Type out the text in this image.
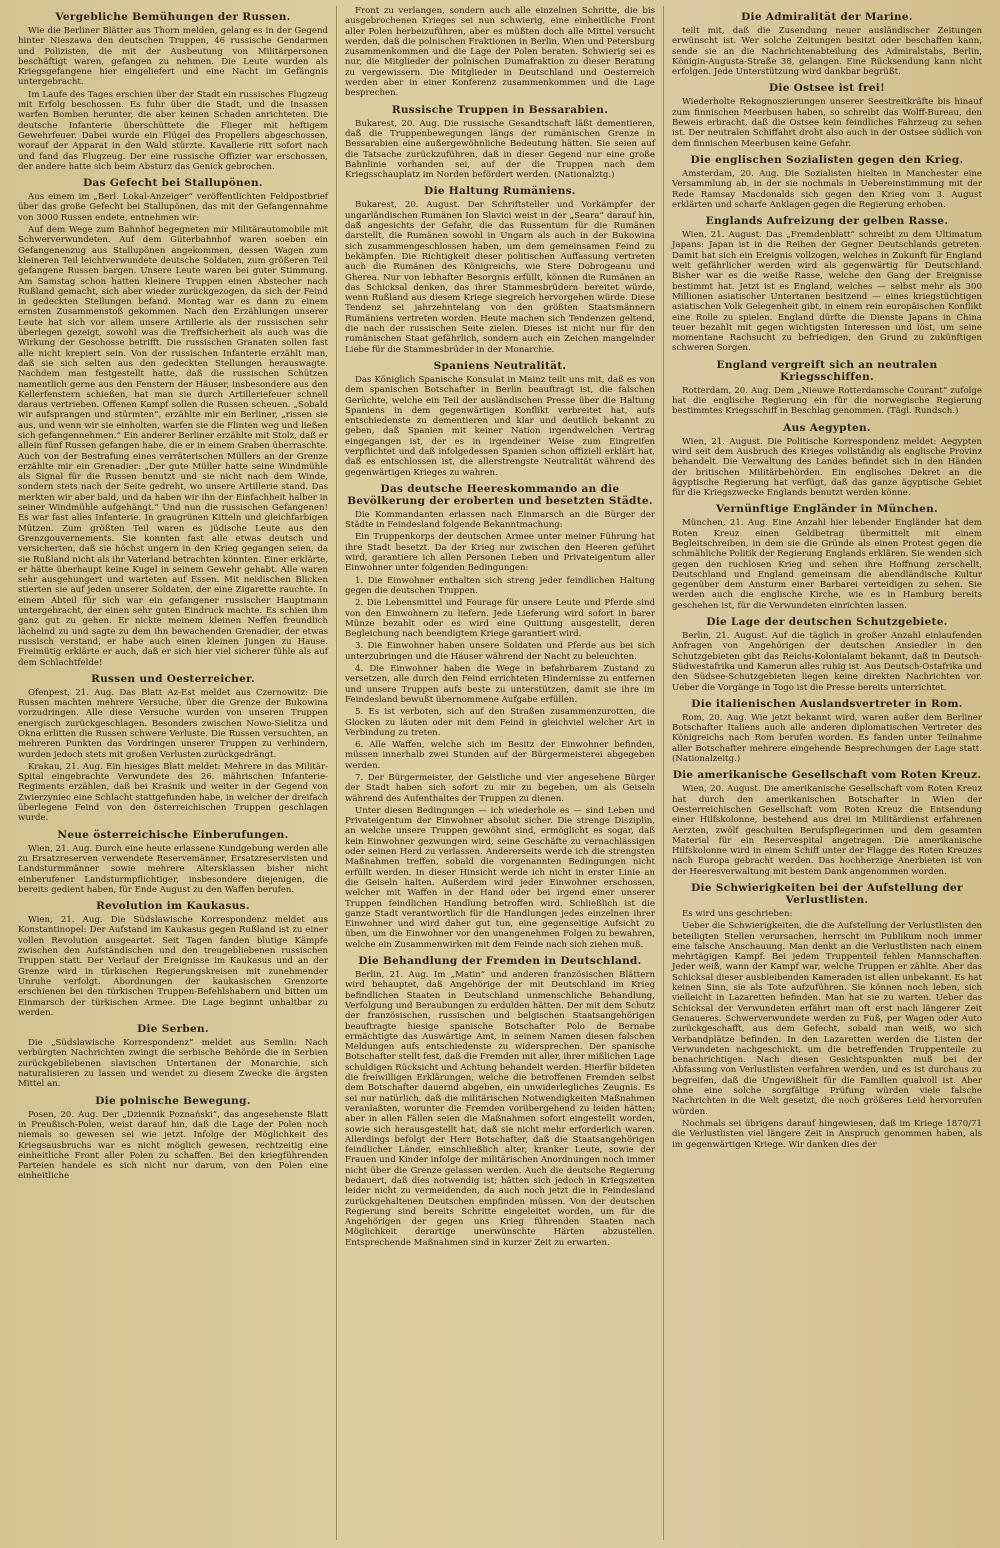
Vergebliche Bemühungen der Russen.

Wie die Berliner Blätter aus Thorn melden, gelang es in der Gegend hinter Nieszawa den deutschen Truppen, 46 russische Gendarmen und Polizisten, die mit der Ausbeutung von Militärpersonen beschäftigt waren, gefangen zu nehmen. Die Leute wurden als Kriegsgefangene hier eingeliefert und eine Nacht im Gefängnis untergebracht.

Im Laufe des Tages erschien über der Stadt ein russisches Flugzeug mit Erfolg beschossen. Es fuhr über die Stadt, und die Insassen warfen Bomben herunter, die aber keinen Schaden anrichteten. Die deutsche Infanterie überschüttete die Flieger mit heftigem Gewehrfeuer. Dabei wurde ein Flügel des Propellers abgeschossen, worauf der Apparat in den Wald stürzte. Kavallerie ritt sofort nach und fand das Flugzeug. Der eine russische Offizier war erschossen, der andere hatte sich beim Absturz das Genick gebrochen.

Das Gefecht bei Stallupönen.

Aus einem im „Berl. Lokal-Anzeiger“ veröffentlichten Feldpostbrief über das große Gefecht bei Stallupönen, das mit der Gefangennahme von 3000 Russen endete, entnehmen wir:

Auf dem Wege zum Bahnhof begegneten mir Militärautomobile mit Schwerverwundeten. Auf dem Güterbahnhof waren soeben ein Gefangenenzug aus Stallupönen angekommen, dessen Wagen zum kleineren Teil leichtverwundete deutsche Soldaten, zum größeren Teil gefangene Russen bargen. Unsere Leute waren bei guter Stimmung. Am Samstag schon hatten kleinere Truppen einen Abstecher nach Rußland gemacht, sich aber wieder zurückgezogen, da sich der Feind in gedeckten Stellungen befand. Montag war es dann zu einem ernsten Zusammenstoß gekommen. Nach den Erzählungen unserer Leute hat sich vor allem unsere Artillerie als der russischen sehr überlegen gezeigt, sowohl was die Treffsicherheit als auch was die Wirkung der Geschosse betrifft. Die russischen Granaten sollen fast alle nicht krepiert sein. Von der russischen Infanterie erzählt man, daß sie sich selten aus den gedeckten Stellungen herauswagte. Nachdem man festgestellt hatte, daß die russischen Schützen namentlich gerne aus den Fenstern der Häuser, insbesondere aus den Kellerfenstern schießen, hat man sie durch Artilleriefeuer schnell daraus vertrieben. Offenen Kampf sollen die Russen scheuen. „Sobald wir aufsprangen und stürmten“, erzählte mir ein Berliner, „rissen sie aus, und wenn wir sie einholten, warfen sie die Flinten weg und ließen sich gefangennehmen.“ Ein anderer Berliner erzählte mit Stolz, daß er allein fünf Russen gefangen habe, die er in einem Graben überraschte. Auch von der Bestrafung eines verräterischen Müllers an der Grenze erzählte mir ein Grenadier: „Der gute Müller hatte seine Windmühle als Signal für die Russen benutzt und sie nicht nach dem Winde, sondern stets nach der Seite gedreht, wo unsere Artillerie stand. Das merkten wir aber bald, und da haben wir ihn der Einfachheit halber in seiner Windmühle aufgehängt.“ Und nun die russischen Gefangenen! Es war fast alles Infanterie. In graugrünen Kitteln und gleichfarbigen Mützen. Zum größten Teil waren es jüdische Leute aus den Grenzgouvernements. Sie konnten fast alle etwas deutsch und versicherten, daß sie höchst ungern in den Krieg gegangen seien, da sie Rußland nicht als ihr Vaterland betrachten könnten. Einer erklärte, er hätte überhaupt keine Kugel in seinem Gewehr gehabt. Alle waren sehr ausgehungert und warteten auf Essen. Mit neidischen Blicken stierten sie auf jeden unserer Soldaten, der eine Zigarette rauchte. In einem Abteil für sich war ein gefangener russischer Hauptmann untergebracht, der einen sehr guten Eindruck machte. Es schien ihm ganz gut zu gehen. Er nickte meinem kleinen Neffen freundlich lächelnd zu und sagte zu dem ihn bewachenden Grenadier, der etwas russisch verstand, er habe auch einen kleinen Jungen zu Hause. Freimütig erklärte er auch, daß er sich hier viel sicherer fühle als auf dem Schlachtfelde!

Russen und Oesterreicher.

Ofenpest, 21. Aug. Das Blatt Az-Est meldet aus Czernowitz: Die Russen machten mehrere Versuche, über die Grenze der Bukowina vorzudringen. Alle diese Versuche wurden von unseren Truppen energisch zurückgeschlagen. Besonders zwischen Nowo-Sielitza und Okna erlitten die Russen schwere Verluste. Die Russen versuchten, an mehreren Punkten das Vordringen unserer Truppen zu verhindern, wurden jedoch stets mit großen Verlusten zurückgedrängt.

Krakau, 21. Aug. Ein hiesiges Blatt meldet: Mehrere in das Militär-Spital eingebrachte Verwundete des 26. mährischen Infanterie-Regiments erzählen, daß bei Kraśnik und weiter in der Gegend von Zwierzyniec eine Schlacht stattgefunden habe, in welcher der dreifach überlegene Feind von den österreichischen Truppen geschlagen wurde.

Neue österreichische Einberufungen.

Wien, 21. Aug. Durch eine heute erlassene Kundgebung werden alle zu Ersatzreserven verwendete Reservemänner, Ersatzreservisten und Landsturmmänner sowie mehrere Altersklassen bisher nicht einberufener Landsturmpflichtiger, insbesondere diejenigen, die bereits gedient haben, für Ende August zu den Waffen berufen.

Revolution im Kaukasus.

Wien, 21. Aug. Die Südslawische Korrespondenz meldet aus Konstantinopel: Der Aufstand im Kaukasus gegen Rußland ist zu einer vollen Revolution ausgeartet. Seit Tagen fanden blutige Kämpfe zwischen den Aufständischen und den treugebliebenen russischen Truppen statt. Der Verlauf der Ereignisse im Kaukasus und an der Grenze wird in türkischen Regierungskreisen mit zunehmender Unruhe verfolgt. Abordnungen der kaukasischen Grenzorte erschienen bei den türkischen Truppen-Befehlshabern und bitten um Einmarsch der türkischen Armee. Die Lage beginnt unhaltbar zu werden.

Die Serben.

Die „Südslawische Korrespondenz“ meldet aus Semlin: Nach verbürgten Nachrichten zwingt die serbische Behörde die in Serbien zurückgebliebenen slavischen Untertanen der Monarchie, sich naturalisieren zu lassen und wendet zu diesem Zwecke die ärgsten Mittel an.

Die polnische Bewegung.

Posen, 20. Aug. Der „Dziennik Poznański“, das angesehenste Blatt in Preußisch-Polen, weist darauf hin, daß die Lage der Polen noch niemals so gewesen sei wie jetzt. Infolge der Möglichkeit des Kriegsausbruchs war es nicht möglich gewesen, rechtzeitig eine einheitliche Front aller Polen zu schaffen. Bei den kriegführenden Parteien handele es sich nicht nur darum, von den Polen eine einheitliche

Front zu verlangen, sondern auch alle einzelnen Schritte, die bis ausgebrochenen Krieges sei nun schwierig, eine einheitliche Front aller Polen herbeizuführen, aber es müßten doch alle Mittel versucht werden, daß die polnischen Fraktionen in Berlin, Wien und Petersburg zusammenkommen und die Lage der Polen beraten. Schwierig sei es nur, die Mitglieder der polnischen Dumafraktion zu dieser Beratung zu vergewissern. Die Mitglieder in Deutschland und Oesterreich werden aber in einer Konferenz zusammenkommen und die Lage besprechen.

Russische Truppen in Bessarabien.

Bukarest, 20. Aug. Die russische Gesandtschaft läßt dementieren, daß die Truppenbewegungen längs der rumänischen Grenze in Bessarabien eine außergewöhnliche Bedeutung hätten. Sie seien auf die Tatsache zurückzuführen, daß in dieser Gegend nur eine große Bahnlinie vorhanden sei, auf der die Truppen nach dem Kriegsschauplatz im Norden befördert werden. (Nationalztg.)

Die Haltung Rumäniens.

Bukarest, 20. August. Der Schriftsteller und Vorkämpfer der ungarländischen Rumänen Ion Slavici weist in der „Seara“ darauf hin, daß angesichts der Gefahr, die das Russentum für die Rumänen darstellt, die Rumänen sowohl in Ungarn als auch in der Bukowina sich zusammengeschlossen haben, um dem gemeinsamen Feind zu bekämpfen. Die Richtigkeit dieser politischen Auffassung vertreten auch die Rumänen des Königreichs, wie Stere Dobrogeanu und Gherea. Nur von lebhafter Besorgnis erfüllt, können die Rumänen an das Schicksal denken, das ihrer Stammesbrüdern bereitet würde, wenn Rußland aus diesem Kriege siegreich hervorgehen würde. Diese Tendenz sei jahrzehntelang von den größten Staatsmännern Rumäniens vertreten worden. Heute machen sich Tendenzen geltend, die nach der russischen Seite zielen. Dieses ist nicht nur für den rumänischen Staat gefährlich, sondern auch ein Zeichen mangelnder Liebe für die Stammesbrüder in der Monarchie.

Spaniens Neutralität.

Das Königlich Spanische Konsulat in Mainz teilt uns mit, daß es von dem spanischen Botschafter in Berlin beauftragt ist, die falschen Gerüchte, welche ein Teil der ausländischen Presse über die Haltung Spaniens in dem gegenwärtigen Konflikt verbreitet hat, aufs entschiedenste zu dementieren und klar und deutlich bekannt zu geben, daß Spanien mit keiner Nation irgendwelchen Vertrag eingegangen ist, der es in irgendeiner Weise zum Eingreifen verpflichtet und daß infolgedessen Spanien schon offiziell erklärt hat, daß es entschlossen ist, die allerstrengste Neutralität während des gegenwärtigen Krieges zu wahren.

Das deutsche Heereskommando an die Bevölkerung der eroberten und besetzten Städte.

Die Kommandanten erlassen nach Einmarsch an die Bürger der Städte in Feindesland folgende Bekanntmachung:

Ein Truppenkorps der deutschen Armee unter meiner Führung hat ihre Stadt besetzt. Da der Krieg nur zwischen den Heeren geführt wird, garantiere ich allen Personen Leben und Privateigentum aller Einwohner unter folgenden Bedingungen:

1. Die Einwohner enthalten sich streng jeder feindlichen Haltung gegen die deutschen Truppen.

2. Die Lebensmittel und Fourage für unsere Leute und Pferde sind von den Einwohnern zu liefern. Jede Lieferung wird sofort in barer Münze bezahlt oder es wird eine Quittung ausgestellt, deren Begleichung nach beendigtem Kriege garantiert wird.

3. Die Einwohner haben unsere Soldaten und Pferde aus bei sich unterzubringen und die Häuser während der Nacht zu beleuchten.

4. Die Einwohner haben die Wege in befahrbarem Zustand zu versetzen, alle durch den Feind errichteten Hindernisse zu entfernen und unsere Truppen aufs beste zu unterstützen, damit sie ihre im Feindesland bewußt übernommene Aufgabe erfüllen.

5. Es ist verboten, sich auf den Straßen zusammenzurotten, die Glocken zu läuten oder mit dem Feind in gleichviel welcher Art in Verbindung zu treten.

6. Alle Waffen, welche sich im Besitz der Einwohner befinden, müssen innerhalb zwei Stunden auf der Bürgermeisterei abgegeben werden.

7. Der Bürgermeister, der Geistliche und vier angesehene Bürger der Stadt haben sich sofort zu mir zu begeben, um als Geiseln während des Aufenthaltes der Truppen zu dienen.

Unter diesen Bedingungen — ich wiederhole es — sind Leben und Privateigentum der Einwohner absolut sicher. Die strenge Disziplin, an welche unsere Truppen gewöhnt sind, ermöglicht es sogar, daß kein Einwohner gezwungen wird, seine Geschäfte zu vernachlässigen oder seinen Herd zu verlassen. Andererseits werde ich die strengsten Maßnahmen treffen, sobald die vorgenannten Bedingungen nicht erfüllt werden. In dieser Hinsicht werde ich nicht in erster Linie an die Geiseln halten. Außerdem wird jeder Einwohner erschossen, welcher mit Waffen in der Hand oder bei irgend einer unserer Truppen feindlichen Handlung betroffen wird. Schließlich ist die ganze Stadt verantwortlich für die Handlungen jedes einzelnen ihrer Einwohner und wird daher gut tun, eine gegenseitige Aufsicht zu üben, um die Einwohner vor den unangenehmen Folgen zu bewahren, welche ein Zusammenwirken mit dem Feinde nach sich ziehen muß.

Die Behandlung der Fremden in Deutschland.

Berlin, 21. Aug. Im „Matin“ und anderen französischen Blättern wird behauptet, daß Angehörige der mit Deutschland im Krieg befindlichen Staaten in Deutschland unmenschliche Behandlung, Verfolgung und Beraubungen zu erdulden hätten. Der mit dem Schutz der französischen, russischen und belgischen Staatsangehörigen beauftragte hiesige spanische Botschafter Polo de Bernabe ermächtigte das Auswärtige Amt, in seinem Namen diesen falschen Meldungen aufs entschiedenste zu widersprechen. Der spanische Botschafter stellt fest, daß die Fremden mit aller, ihrer mißlichen Lage schuldigen Rücksicht und Achtung behandelt werden. Hierfür bildeten die freiwilligen Erklärungen, welche die betroffenen Fremden selbst dem Botschafter dauernd abgeben, ein unwiderlegliches Zeugnis. Es sei nur natürlich, daß die militärischen Notwendigkeiten Maßnahmen veranlaßten, worunter die Fremden vorübergehend zu leiden hätten; aber in allen Fällen seien die Maßnahmen sofort eingestellt worden, sowie sich herausgestellt hat, daß sie nicht mehr erforderlich waren. Allerdings befolgt der Herr Botschafter, daß die Staatsangehörigen feindlicher Länder, einschließlich alter, kranker Leute, sowie der Frauen und Kinder infolge der militärischen Anordnungen noch immer nicht über die Grenze gelassen werden. Auch die deutsche Regierung bedauert, daß dies notwendig ist; hätten sich jedoch in Kriegszeiten leider nicht zu vermeidenden, da auch noch jetzt die in Feindesland zurückgehaltenen Deutschen empfinden müssen. Von der deutschen Regierung sind bereits Schritte eingeleitet worden, um für die Angehörigen der gegen uns Krieg führenden Staaten nach Möglichkeit derartige unerwünschte Härten abzustellen. Entsprechende Maßnahmen sind in kurzer Zeit zu erwarten.

Die Admiralität der Marine.

teilt mit, daß die Zusendung neuer ausländischer Zeitungen erwünscht ist. Wer solche Zeitungen besitzt oder beschaffen kann, sende sie an die Nachrichtenabteilung des Admiralstabs, Berlin, Königin-Augusta-Straße 38, gelangen. Eine Rücksendung kann nicht erfolgen. Jede Unterstützung wird dankbar begrüßt.

Die Ostsee ist frei!

Wiederholte Rekognoszierungen unserer Seestreitkräfte bis hinauf zum finnischen Meerbusen haben, so schreibt das Wolff-Bureau, den Beweis erbracht, daß die Ostsee kein feindliches Fahrzeug zu sehen ist. Der neutralen Schiffahrt droht also auch in der Ostsee südlich von dem finnischen Meerbusen keine Gefahr.

Die englischen Sozialisten gegen den Krieg.

Amsterdam, 20. Aug. Die Sozialisten hielten in Manchester eine Versammlung ab, in der sie nochmals in Uebereinstimmung mit der Rede Ramsay Macdonalds sich gegen den Krieg vom 3. August erklärten und scharfe Anklagen gegen die Regierung erhoben.

Englands Aufreizung der gelben Rasse.

Wien, 21. August. Das „Fremdenblatt“ schreibt zu dem Ultimatum Japans: Japan ist in die Reihen der Gegner Deutschlands getreten. Damit hat sich ein Ereignis vollzogen, welches in Zukunft für England weit gefährlicher werden wird als gegenwärtig für Deutschland. Bisher war es die weiße Rasse, welche den Gang der Ereignisse bestimmt hat. Jetzt ist es England, welches — selbst mehr als 300 Millionen asiatischer Untertanen besitzend — eines kriegstüchtigen asiatischen Volk Gelegenheit gibt, in einem rein europäischen Konflikt eine Rolle zu spielen. England dürfte die Dienste Japans in China teuer bezahlt mit gegen wichtigsten Interessen und löst, um seine momentane Rachsucht zu befriedigen, den Grund zu zukünftigen schweren Sorgen.

England vergreift sich an neutralen Kriegsschiffen.

Rotterdam, 20. Aug. Dem „Nieuwe Rotterdamsche Courant“ zufolge hat die englische Regierung ein für die norwegische Regierung bestimmtes Kriegsschiff in Beschlag genommen. (Tägl. Rundsch.)

Aus Aegypten.

Wien, 21. August. Die Politische Korrespondenz meldet: Aegypten wird seit dem Ausbruch des Krieges vollständig als englische Provinz behandelt. Die Verwaltung des Landes befindet sich in den Händen der britischen Militärbehörden. Ein englisches Dekret an die ägyptische Regierung hat verfügt, daß das ganze ägyptische Gebiet für die Kriegszwecke Englands benutzt werden könne.

Vernünftige Engländer in München.

München, 21. Aug. Eine Anzahl hier lebender Engländer hat dem Roten Kreuz einen Geldbetrag übermittelt mit einem Begleitschreiben, in dem sie die Gründe als einen Protest gegen die schmähliche Politik der Regierung Englands erklären. Sie wenden sich gegen den ruchlosen Krieg und sehen ihre Hoffnung zerschellt, Deutschland und England gemeinsam die abendländische Kultur gegenüber dem Ansturm einer Barbarei verteidigen zu sehen. Sie werden auch die englische Kirche, wie es in Hamburg bereits geschehen ist, für die Verwundeten einrichten lassen.

Die Lage der deutschen Schutzgebiete.

Berlin, 21. August. Auf die täglich in großer Anzahl einlaufenden Anfragen von Angehörigen der deutschen Ansiedler in den Schutzgebieten gibt das Reichs-Kolonialamt bekannt, daß in Deutsch-Südwestafrika und Kamerun alles ruhig ist. Aus Deutsch-Ostafrika und den Südsee-Schutzgebieten liegen keine direkten Nachrichten vor. Ueber die Vorgänge in Togo ist die Presse bereits unterrichtet.

Die italienischen Auslandsvertreter in Rom.

Rom, 20. Aug. Wie jetzt bekannt wird, waren außer dem Berliner Botschafter Italiens auch alle anderen diplomatischen Vertreter des Königreichs nach Rom berufen worden. Es fanden unter Teilnahme aller Botschafter mehrere eingehende Besprechungen der Lage statt. (Nationalzeitg.)

Die amerikanische Gesellschaft vom Roten Kreuz.

Wien, 20. August. Die amerikanische Gesellschaft vom Roten Kreuz hat durch den amerikanischen Botschafter in Wien der Oesterreichischen Gesellschaft vom Roten Kreuz die Entsendung einer Hilfskolonne, bestehend aus drei im Militärdienst erfahrenen Aerzten, zwölf geschulten Berufspflegerinnen und dem gesamten Material für ein Reservespital angetragen. Die amerikanische Hilfskolonne wird in einem Schiff unter der Flagge des Roten Kreuzes nach Europa gebracht werden. Das hochherzige Anerbieten ist von der Heeresverwaltung mit bestem Dank angenommen worden.

Die Schwierigkeiten bei der Aufstellung der Verlustlisten.

Es wird uns geschrieben:

Ueber die Schwierigkeiten, die die Aufstellung der Verlustlisten den beteiligten Stellen verursachen, herrscht im Publikum noch immer eine falsche Anschauung. Man denkt an die Verlustlisten nach einem mehrtägigen Kampf. Bei jedem Truppenteil fehlen Mannschaften. Jeder weiß, wann der Kampf war, welche Truppen er zählte. Aber das Schicksal dieser ausbleibenden Kameraden ist allen unbekannt. Es hat keinen Sinn, sie als Tote aufzuführen. Sie können noch leben, sich vielleicht in Lazaretten befinden. Man hat sie zu warten. Ueber das Schicksal der Verwundeten erfährt man oft erst nach längerer Zeit Genaueres. Schwerverwundete werden zu Fuß, per Wagen oder Auto zurückgeschafft, aus dem Gefecht, sobald man weiß, wo sich Verbandplätze befinden. In den Lazaretten werden die Listen der Verwundeten nachgeschickt, um die betreffenden Truppenteile zu benachrichtigen. Nach diesen Gesichtspunkten muß bei der Abfassung von Verlustlisten verfahren werden, und es ist durchaus zu begreifen, daß die Ungewißheit für die Familien qualvoll ist. Aber ohne eine solche sorgfältige Prüfung würden viele falsche Nachrichten in die Welt gesetzt, die noch größeres Leid hervorrufen würden.

Nochmals sei übrigens darauf hingewiesen, daß im Kriege 1870/71 die Verlustlisten viel längere Zeit in Anspruch genommen haben, als im gegenwärtigen Kriege. Wir danken dies der
